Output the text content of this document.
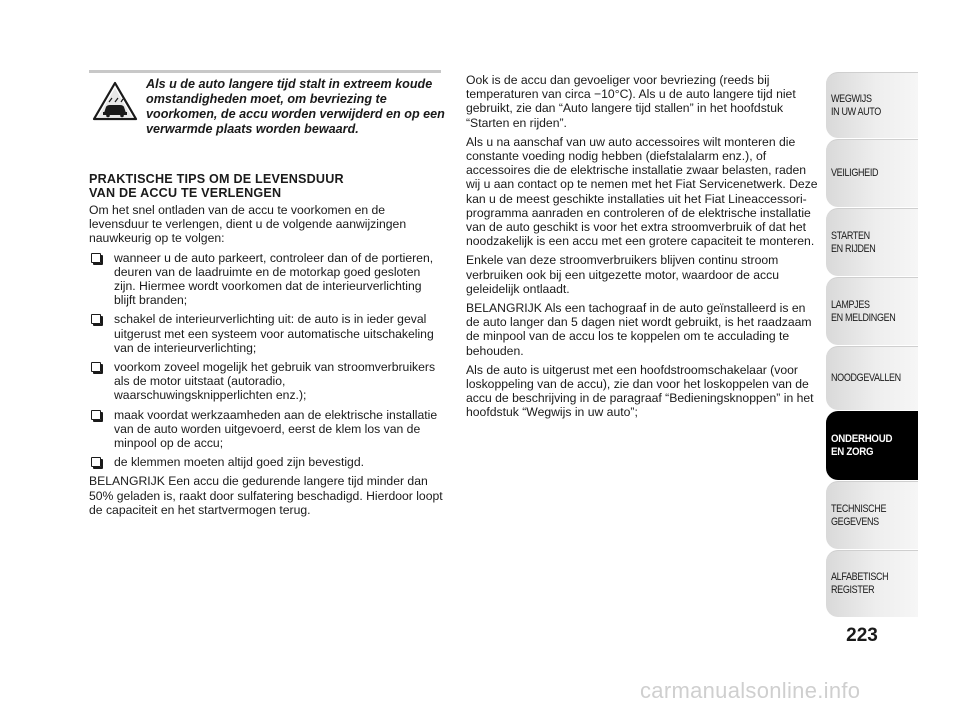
Als u de auto langere tijd stalt in extreem koude omstandigheden moet, om bevriezing te voorkomen, de accu worden verwijderd en op een verwarmde plaats worden bewaard.
PRAKTISCHE TIPS OM DE LEVENSDUUR
VAN DE ACCU TE VERLENGEN

Om het snel ontladen van de accu te voorkomen en de levensduur te verlengen, dient u de volgende aanwijzingen nauwkeurig op te volgen:

wanneer u de auto parkeert, controleer dan of de portieren, deuren van de laadruimte en de motorkap goed gesloten zijn. Hiermee wordt voorkomen dat de interieurverlichting blijft branden;
schakel de interieurverlichting uit: de auto is in ieder geval uitgerust met een systeem voor automatische uitschakeling van de interieurverlichting;
voorkom zoveel mogelijk het gebruik van stroomverbruikers als de motor uitstaat (autoradio, waarschuwingsknipperlichten enz.);
maak voordat werkzaamheden aan de elektrische installatie van de auto worden uitgevoerd, eerst de klem los van de minpool op de accu;
de klemmen moeten altijd goed zijn bevestigd.

BELANGRIJK Een accu die gedurende langere tijd minder dan 50% geladen is, raakt door sulfatering beschadigd. Hierdoor loopt de capaciteit en het startvermogen terug.

Ook is de accu dan gevoeliger voor bevriezing (reeds bij temperaturen van circa −10°C). Als u de auto langere tijd niet gebruikt, zie dan “Auto langere tijd stallen” in het hoofdstuk “Starten en rijden”.

Als u na aanschaf van uw auto accessoires wilt monteren die constante voeding nodig hebben (diefstalalarm enz.), of accessoires die de elektrische installatie zwaar belasten, raden wij u aan contact op te nemen met het Fiat Servicenetwerk. Deze kan u de meest geschikte installaties uit het Fiat Lineaccessori-programma aanraden en controleren of de elektrische installatie van de auto geschikt is voor het extra stroomverbruik of dat het noodzakelijk is een accu met een grotere capaciteit te monteren.

Enkele van deze stroomverbruikers blijven continu stroom verbruiken ook bij een uitgezette motor, waardoor de accu geleidelijk ontlaadt.

BELANGRIJK Als een tachograaf in de auto geïnstalleerd is en de auto langer dan 5 dagen niet wordt gebruikt, is het raadzaam de minpool van de accu los te koppelen om te acculading te behouden.

Als de auto is uitgerust met een hoofdstroomschakelaar (voor loskoppeling van de accu), zie dan voor het loskoppelen van de accu de beschrijving in de paragraaf “Bedieningsknoppen” in het hoofdstuk “Wegwijs in uw auto”;

WEGWIJS
IN UW AUTO
VEILIGHEID
STARTEN
EN RIJDEN
LAMPJES
EN MELDINGEN
NOODGEVALLEN
ONDERHOUD
EN ZORG
TECHNISCHE
GEGEVENS
ALFABETISCH
REGISTER
223
carmanualsonline.info
